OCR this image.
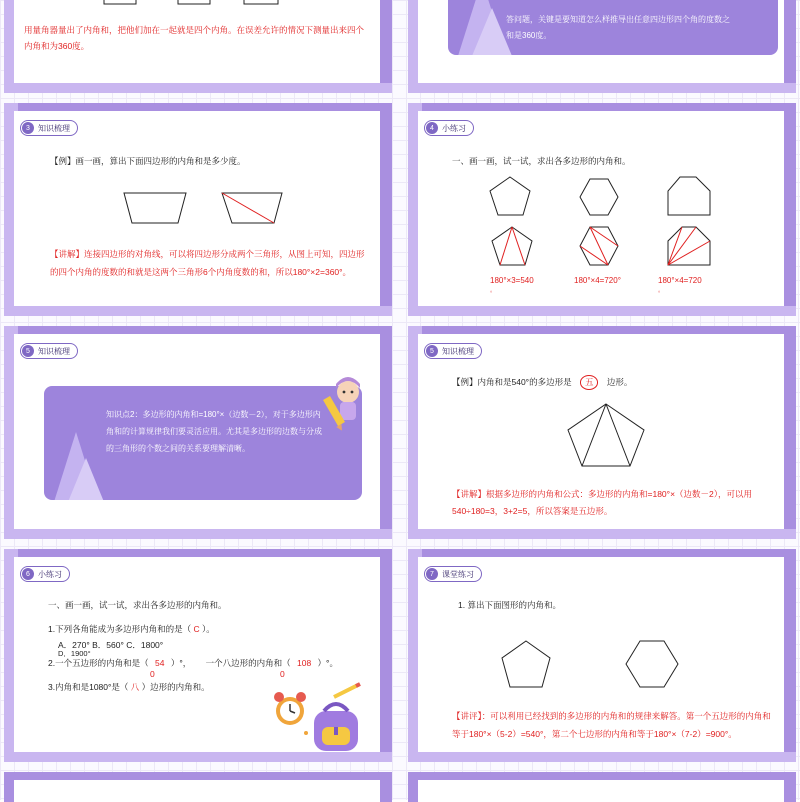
用量角器量出了内角和，把他们加在一起就是四个内角。在误差允许的情况下测量出来四个内角和为360度。
答问题，关键是要知道怎么样推导出任意四边形四个角的度数之和是360度。
3	知识梳理
【例】画一画，算出下面四边形的内角和是多少度。
【讲解】连接四边形的对角线，可以将四边形分成两个三角形，从图上可知，四边形的四个内角的度数的和就是这两个三角形6个内角度数的和，所以180°×2=360°。
4	小练习
一、画一画，试一试，求出各多边形的内角和。
180°×3=540	180°×4=720°	180°×4=720
。	。
5	知识梳理
知识点2：多边形的内角和=180°×（边数－2），对于多边形内角和的计算规律我们要灵活应用。尤其是多边形的边数与分成的三角形的个数之间的关系要理解清晰。
5	知识梳理
【例】内角和是540°的多边形是 五 边形。
【讲解】根据多边形的内角和公式：多边形的内角和=180°×（边数－2），可以用540÷180=3，3+2=5，所以答案是五边形。
6	小练习
一、画一画，试一试，求出各多边形的内角和。
1.下列各角能成为多边形内角和的是（ C ）。
A．270° B．560° C．1800°
D．1900°
2.一个五边形的内角和是（ 54 ）°， 一个八边形的内角和（ 108 ）°。
0	0
3.内角和是1080°是（ 八 ）边形的内角和。
7	课堂练习
1. 算出下面图形的内角和。
【讲评】：可以利用已经找到的多边形的内角和的规律来解答。第一个五边形的内角和等于180°×（5-2）=540°，第二个七边形的内角和等于180°×（7-2）=900°。
